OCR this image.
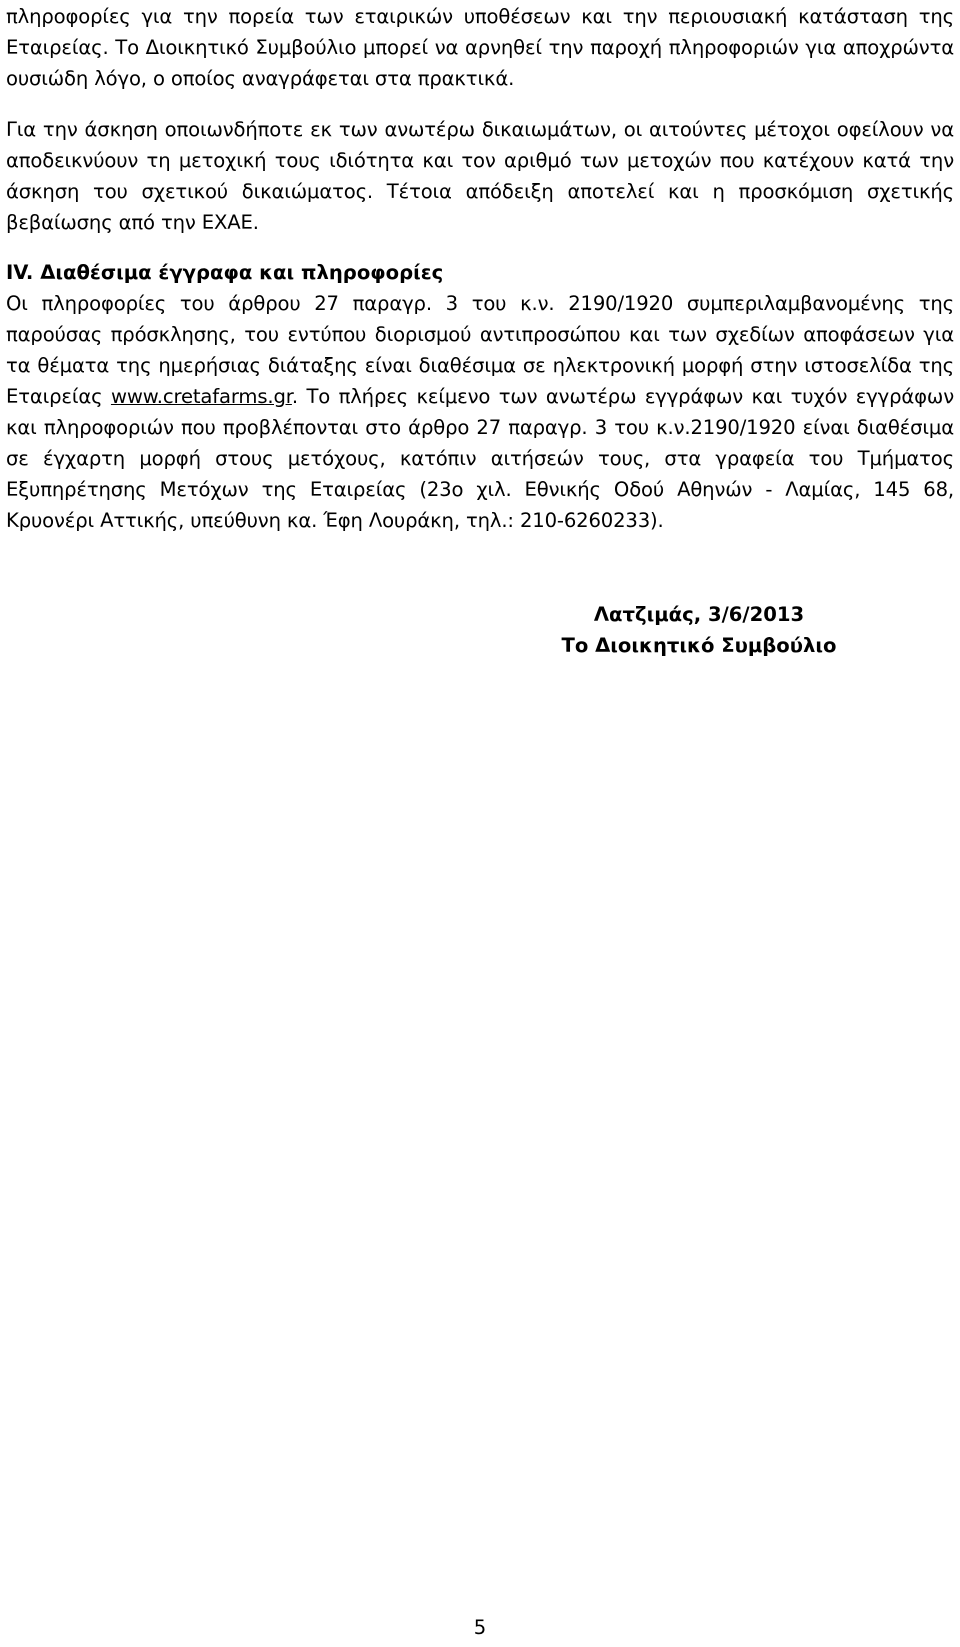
πληροφορίες για την πορεία των εταιρικών υποθέσεων και την περιουσιακή κατάσταση της Εταιρείας. Το Διοικητικό Συμβούλιο μπορεί να αρνηθεί την παροχή πληροφοριών για αποχρώντα ουσιώδη λόγο, ο οποίος αναγράφεται στα πρακτικά.

Για την άσκηση οποιωνδήποτε εκ των ανωτέρω δικαιωμάτων, οι αιτούντες μέτοχοι οφείλουν να αποδεικνύουν τη μετοχική τους ιδιότητα και τον αριθμό των μετοχών που κατέχουν κατά την άσκηση του σχετικού δικαιώματος. Τέτοια απόδειξη αποτελεί και η προσκόμιση σχετικής βεβαίωσης από την ΕΧΑΕ.

IV. Διαθέσιμα έγγραφα και πληροφορίες

Οι πληροφορίες του άρθρου 27 παραγρ. 3 του κ.ν. 2190/1920 συμπεριλαμβανομένης της παρούσας πρόσκλησης, του εντύπου διορισμού αντιπροσώπου και των σχεδίων αποφάσεων για τα θέματα της ημερήσιας διάταξης είναι διαθέσιμα σε ηλεκτρονική μορφή στην ιστοσελίδα της Εταιρείας www.cretafarms.gr. Το πλήρες κείμενο των ανωτέρω εγγράφων και τυχόν εγγράφων και πληροφοριών που προβλέπονται στο άρθρο 27 παραγρ. 3 του κ.ν.2190/1920 είναι διαθέσιμα σε έγχαρτη μορφή στους μετόχους, κατόπιν αιτήσεών τους, στα γραφεία του Τμήματος Εξυπηρέτησης Μετόχων της Εταιρείας (23ο χιλ. Εθνικής Οδού Αθηνών - Λαμίας, 145 68, Κρυονέρι Αττικής, υπεύθυνη κα. Έφη Λουράκη, τηλ.: 210-6260233).

Λατζιμάς, 3/6/2013
Το Διοικητικό Συμβούλιο
5
